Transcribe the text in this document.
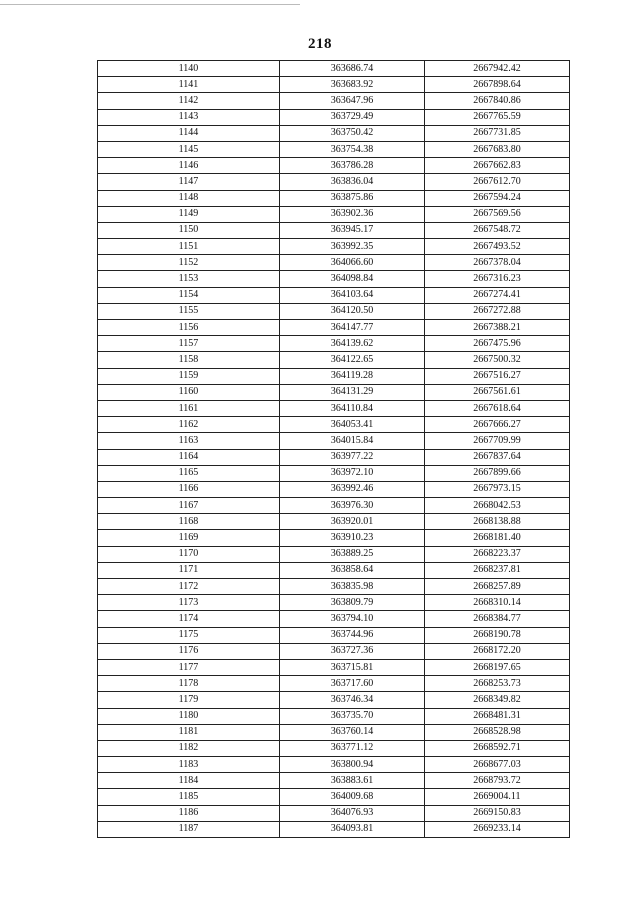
218
1140	363686.74	2667942.42
1141	363683.92	2667898.64
1142	363647.96	2667840.86
1143	363729.49	2667765.59
1144	363750.42	2667731.85
1145	363754.38	2667683.80
1146	363786.28	2667662.83
1147	363836.04	2667612.70
1148	363875.86	2667594.24
1149	363902.36	2667569.56
1150	363945.17	2667548.72
1151	363992.35	2667493.52
1152	364066.60	2667378.04
1153	364098.84	2667316.23
1154	364103.64	2667274.41
1155	364120.50	2667272.88
1156	364147.77	2667388.21
1157	364139.62	2667475.96
1158	364122.65	2667500.32
1159	364119.28	2667516.27
1160	364131.29	2667561.61
1161	364110.84	2667618.64
1162	364053.41	2667666.27
1163	364015.84	2667709.99
1164	363977.22	2667837.64
1165	363972.10	2667899.66
1166	363992.46	2667973.15
1167	363976.30	2668042.53
1168	363920.01	2668138.88
1169	363910.23	2668181.40
1170	363889.25	2668223.37
1171	363858.64	2668237.81
1172	363835.98	2668257.89
1173	363809.79	2668310.14
1174	363794.10	2668384.77
1175	363744.96	2668190.78
1176	363727.36	2668172.20
1177	363715.81	2668197.65
1178	363717.60	2668253.73
1179	363746.34	2668349.82
1180	363735.70	2668481.31
1181	363760.14	2668528.98
1182	363771.12	2668592.71
1183	363800.94	2668677.03
1184	363883.61	2668793.72
1185	364009.68	2669004.11
1186	364076.93	2669150.83
1187	364093.81	2669233.14
